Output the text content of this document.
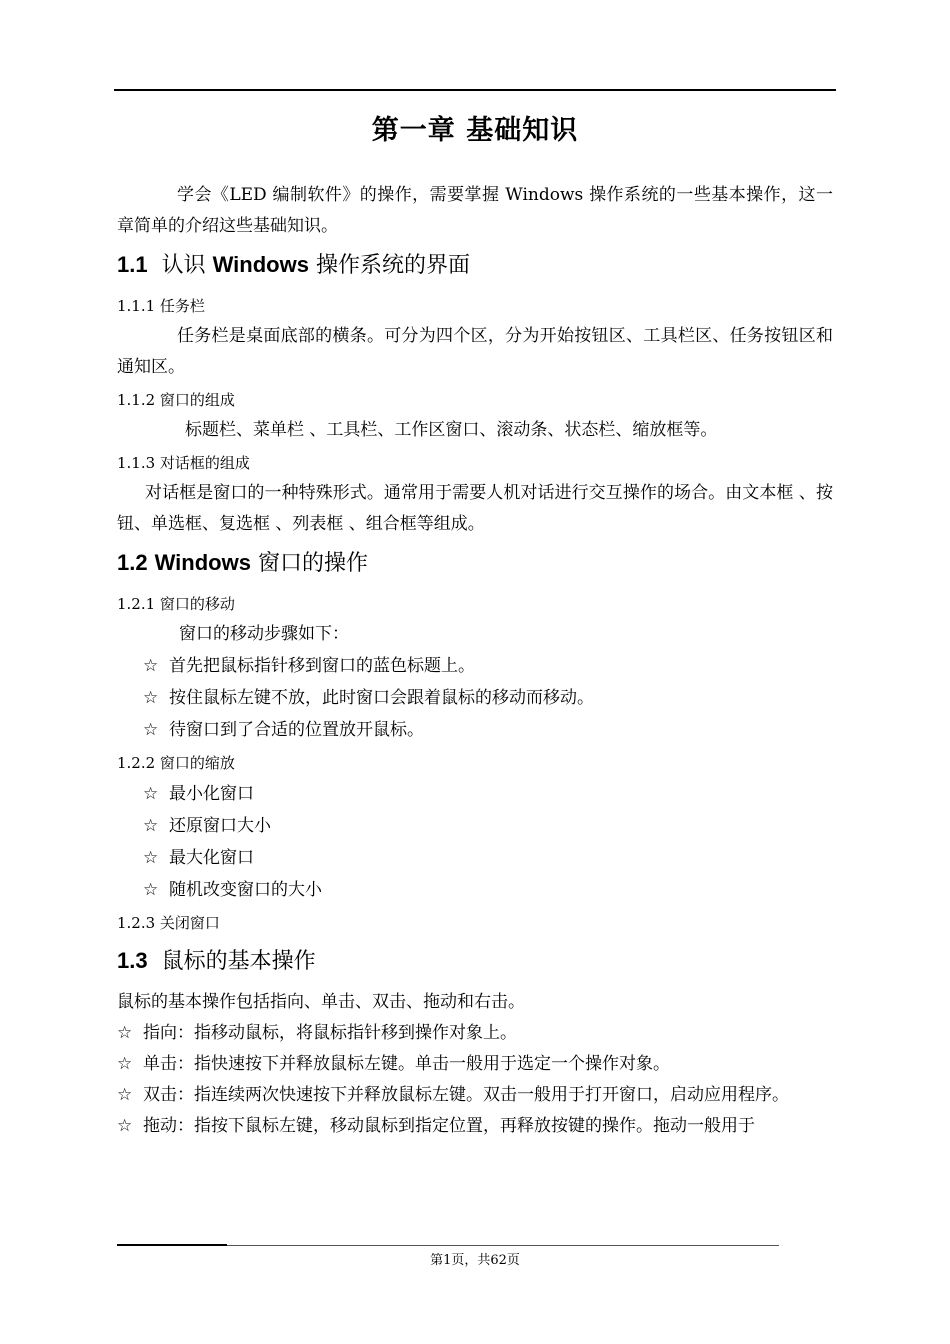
第一章 基础知识

学会《LED 编制软件》的操作，需要掌握 Windows 操作系统的一些基本操作，这一章简单的介绍这些基础知识。

1.1 认识 Windows 操作系统的界面
1.1.1 任务栏

任务栏是桌面底部的横条。可分为四个区，分为开始按钮区、工具栏区、任务按钮区和通知区。

1.1.2 窗口的组成

标题栏、菜单栏 、工具栏、工作区窗口、滚动条、状态栏、缩放框等。

1.1.3 对话框的组成

对话框是窗口的一种特殊形式。通常用于需要人机对话进行交互操作的场合。由文本框 、按钮、单选框、复选框 、列表框 、组合框等组成。

1.2 Windows 窗口的操作
1.2.1 窗口的移动

窗口的移动步骤如下：

☆ 首先把鼠标指针移到窗口的蓝色标题上。

☆ 按住鼠标左键不放，此时窗口会跟着鼠标的移动而移动。

☆ 待窗口到了合适的位置放开鼠标。

1.2.2 窗口的缩放

☆ 最小化窗口

☆ 还原窗口大小

☆ 最大化窗口

☆ 随机改变窗口的大小

1.2.3 关闭窗口
1.3 鼠标的基本操作

鼠标的基本操作包括指向、单击、双击、拖动和右击。

☆ 指向：指移动鼠标，将鼠标指针移到操作对象上。

☆ 单击：指快速按下并释放鼠标左键。单击一般用于选定一个操作对象。

☆ 双击：指连续两次快速按下并释放鼠标左键。双击一般用于打开窗口，启动应用程序。

☆ 拖动：指按下鼠标左键，移动鼠标到指定位置，再释放按键的操作。拖动一般用于

第1页，共62页
